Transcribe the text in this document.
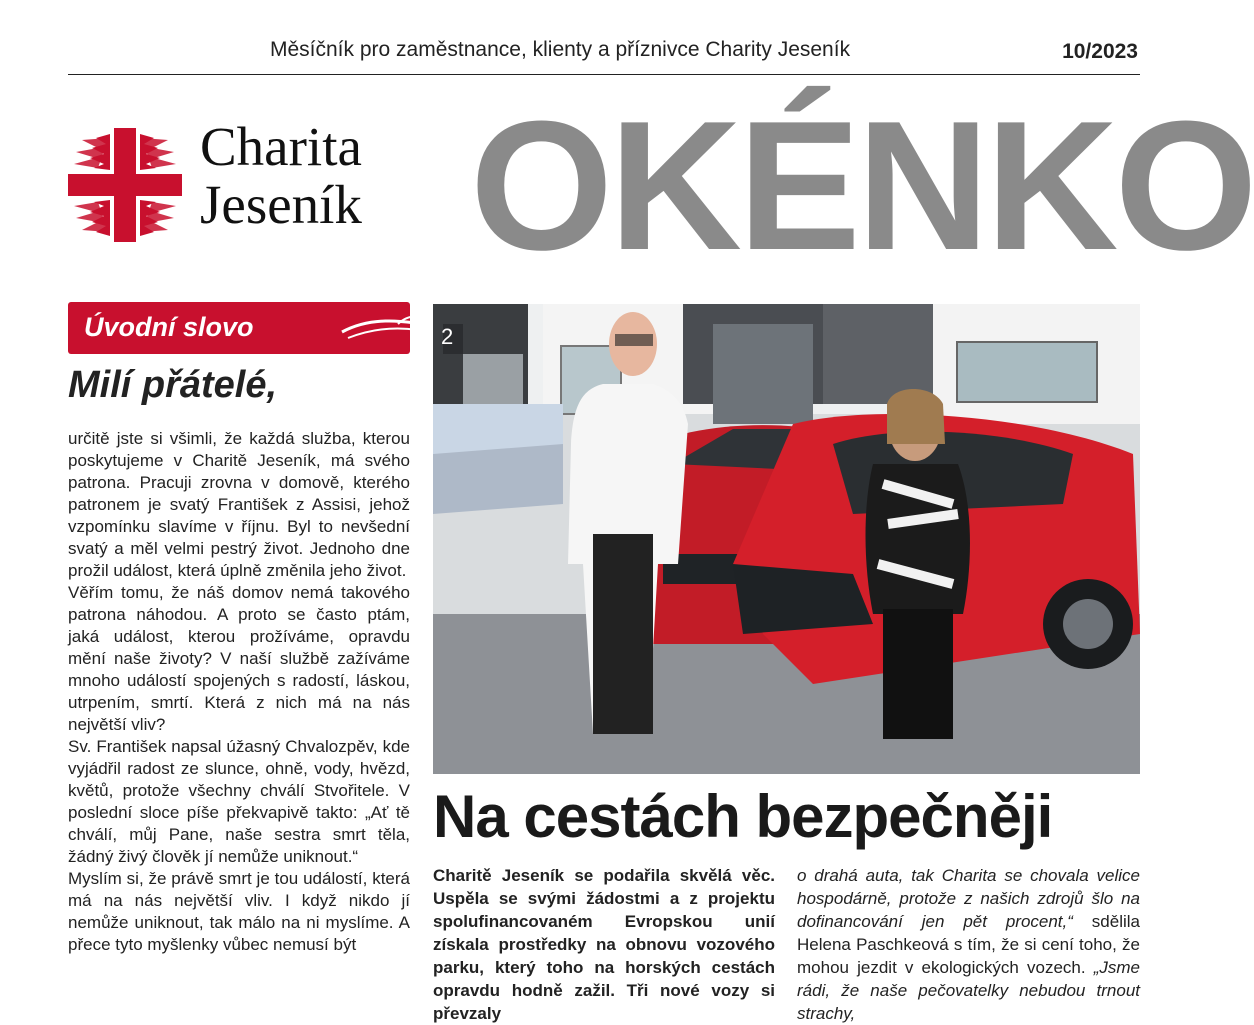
Měsíčník pro zaměstnance, klienty a příznivce Charity Jeseník	10/2023
Charita
Jeseník OKÉNKO
Úvodní slovo
Milí přátelé,

určitě jste si všimli, že každá služba, kterou poskytujeme v Charitě Jeseník, má svého patrona. Pracuji zrovna v domově, kterého patronem je svatý František z Assisi, jehož vzpomínku slavíme v říjnu. Byl to nevšední svatý a měl velmi pestrý život. Jednoho dne prožil událost, která úplně změnila jeho život.

Věřím tomu, že náš domov nemá takového patrona náhodou. A proto se často ptám, jaká událost, kterou prožíváme, opravdu mění naše životy? V naší službě zažíváme mnoho událostí spojených s radostí, láskou, utrpením, smrtí. Která z nich má na nás největší vliv?

Sv. František napsal úžasný Chvalozpěv, kde vyjádřil radost ze slunce, ohně, vody, hvězd, květů, protože všechny chválí Stvořitele. V poslední sloce píše překvapivě takto: „Ať tě chválí, můj Pane, naše sestra smrt těla, žádný živý člověk jí nemůže uniknout.“

Myslím si, že právě smrt je tou událostí, která má na nás největší vliv. I když nikdo jí nemůže uniknout, tak málo na ni myslíme. A přece tyto myšlenky vůbec nemusí být

2
Na cestách bezpečněji
Charitě Jeseník se podařila skvělá věc. Uspěla se svými žádostmi a z projektu spolufinancovaném Evropskou unií získala prostředky na obnovu vozového parku, který toho na horských cestách opravdu hodně zažil. Tři nové vozy si převzaly
o drahá auta, tak Charita se chovala velice hospodárně, protože z našich zdrojů šlo na dofinancování jen pět procent,“ sdělila Helena Paschkeová s tím, že si cení toho, že mohou jezdit v ekologických vozech. „Jsme rádi, že naše pečovatelky nebudou trnout strachy,
